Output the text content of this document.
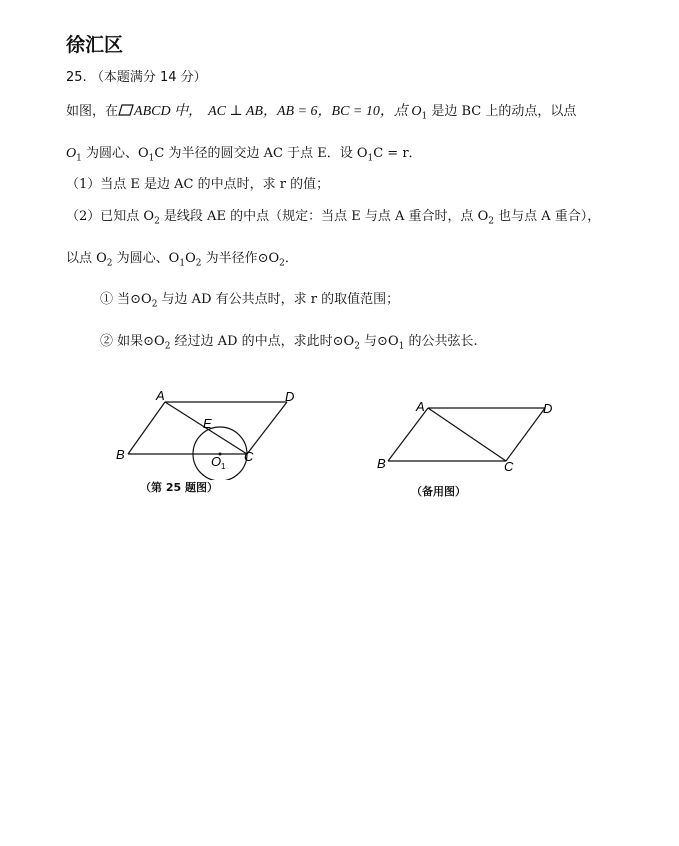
徐汇区
25. （本题满分 14 分）
如图，在 ABCD 中， AC ⊥ AB，AB = 6，BC = 10，点 $O_1$ 是边 BC 上的动点，以点
$O_1$ 为圆心、$O_1C$ 为半径的圆交边 AC 于点 E．设 $O_1C = r$．
（1）当点 E 是边 AC 的中点时，求 r 的值；
（2）已知点 $O_2$ 是线段 AE 的中点（规定：当点 E 与点 A 重合时，点 $O_2$ 也与点 A 重合），
以点 $O_2$ 为圆心、$O_1O_2$ 为半径作$⊙O_2$．
① 当$⊙O_2$ 与边 AD 有公共点时，求 r 的取值范围；
② 如果$⊙O_2$ 经过边 AD 的中点，求此时$⊙O_2$ 与$⊙O_1$ 的公共弦长.
A	D
B	C
E
O 1
（第 25 题图）
A	D
B	C
（备用图）
